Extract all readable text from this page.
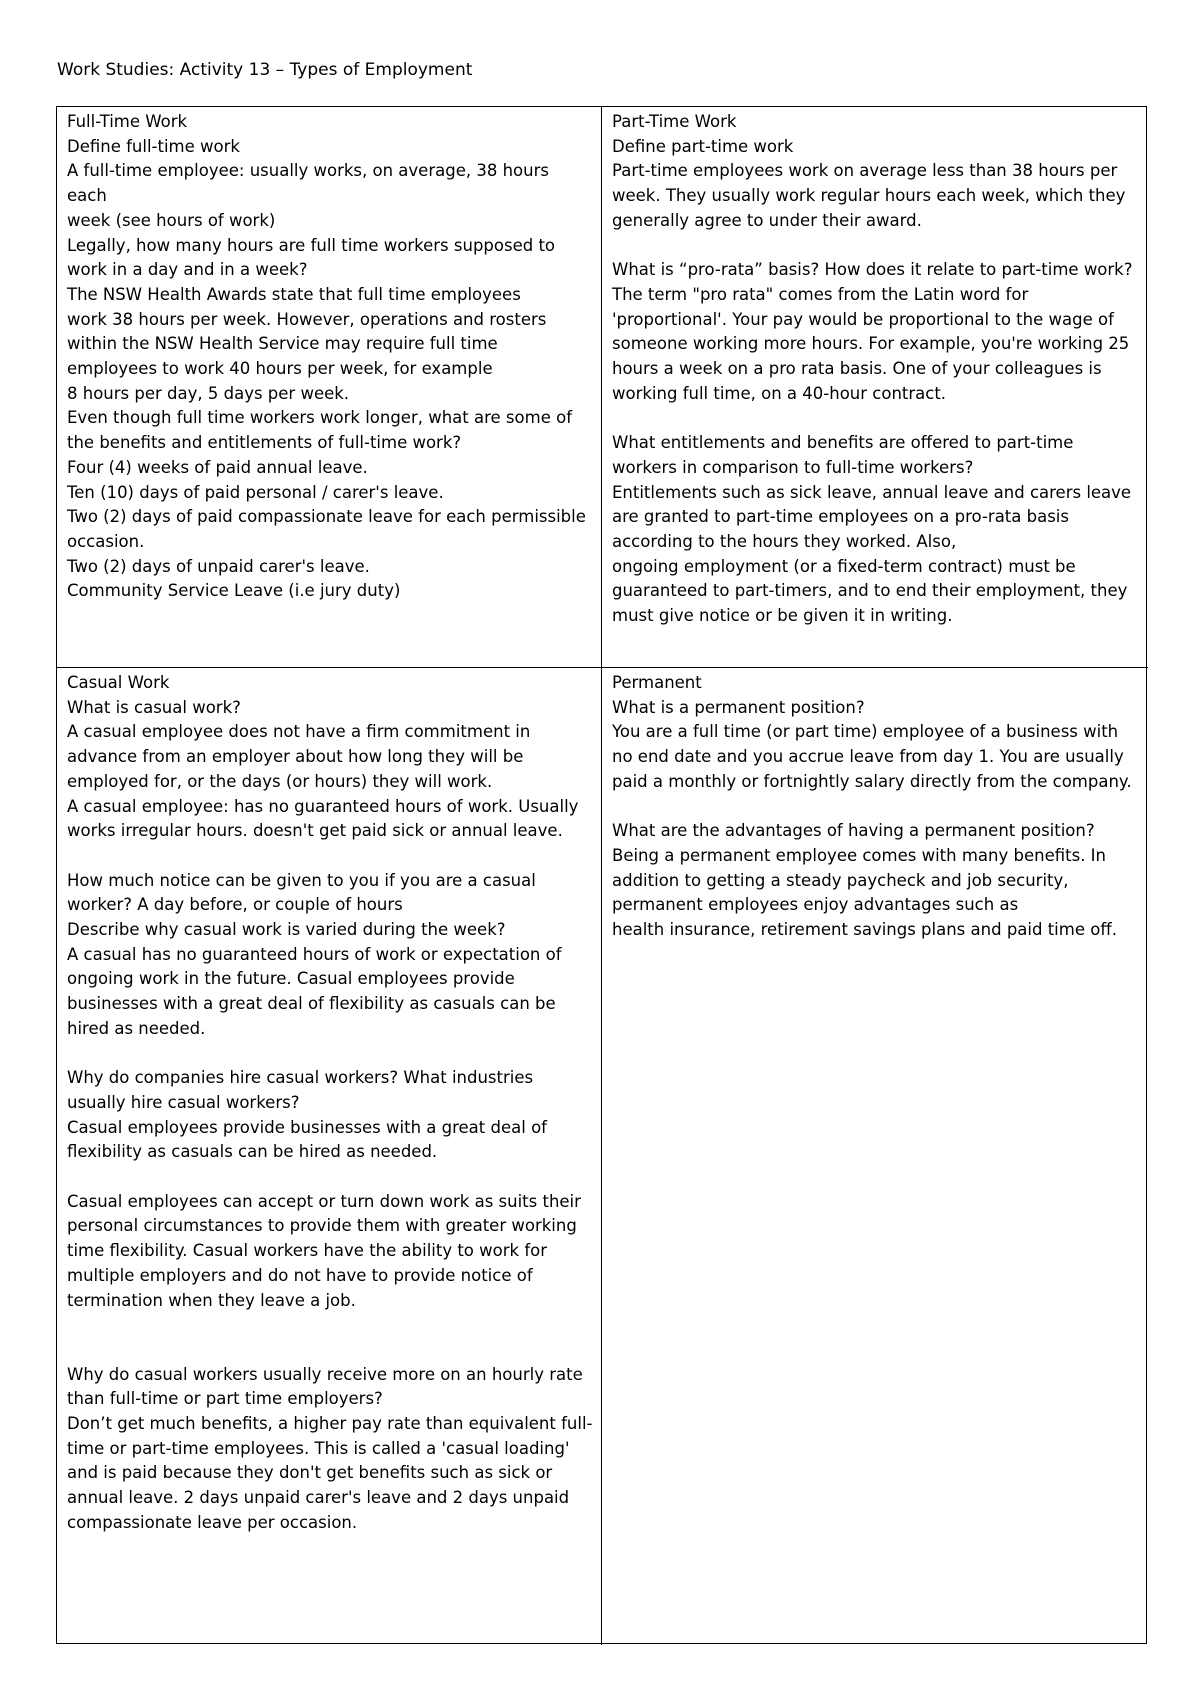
Work Studies: Activity 13 – Types of Employment
Full-Time Work
Define full-time work
A full-time employee: usually works, on average, 38 hours each
week (see hours of work)
Legally, how many hours are full time workers supposed to
work in a day and in a week?
The NSW Health Awards state that full time employees
work 38 hours per week. However, operations and rosters
within the NSW Health Service may require full time
employees to work 40 hours per week, for example
8 hours per day, 5 days per week.
Even though full time workers work longer, what are some of
the benefits and entitlements of full-time work?
Four (4) weeks of paid annual leave.
Ten (10) days of paid personal / carer's leave.
Two (2) days of paid compassionate leave for each permissible
occasion.
Two (2) days of unpaid carer's leave.
Community Service Leave (i.e jury duty)
Part-Time Work
Define part-time work
Part-time employees work on average less than 38 hours per
week. They usually work regular hours each week, which they
generally agree to under their award.
What is “pro-rata” basis? How does it relate to part-time work?
The term "pro rata" comes from the Latin word for
'proportional'. Your pay would be proportional to the wage of
someone working more hours. For example, you're working 25
hours a week on a pro rata basis. One of your colleagues is
working full time, on a 40-hour contract.
What entitlements and benefits are offered to part-time
workers in comparison to full-time workers?
Entitlements such as sick leave, annual leave and carers leave
are granted to part-time employees on a pro-rata basis
according to the hours they worked. Also,
ongoing employment (or a fixed-term contract) must be
guaranteed to part-timers, and to end their employment, they
must give notice or be given it in writing.
Casual Work
What is casual work?
A casual employee does not have a firm commitment in
advance from an employer about how long they will be
employed for, or the days (or hours) they will work.
A casual employee: has no guaranteed hours of work. Usually
works irregular hours. doesn't get paid sick or annual leave.
How much notice can be given to you if you are a casual
worker? A day before, or couple of hours
Describe why casual work is varied during the week?
A casual has no guaranteed hours of work or expectation of
ongoing work in the future. Casual employees provide
businesses with a great deal of flexibility as casuals can be
hired as needed.
Why do companies hire casual workers? What industries
usually hire casual workers?
Casual employees provide businesses with a great deal of
flexibility as casuals can be hired as needed.
Casual employees can accept or turn down work as suits their
personal circumstances to provide them with greater working
time flexibility. Casual workers have the ability to work for
multiple employers and do not have to provide notice of
termination when they leave a job.
Why do casual workers usually receive more on an hourly rate
than full-time or part time employers?
Don’t get much benefits, a higher pay rate than equivalent full-
time or part-time employees. This is called a 'casual loading'
and is paid because they don't get benefits such as sick or
annual leave. 2 days unpaid carer's leave and 2 days unpaid
compassionate leave per occasion.
Permanent
What is a permanent position?
You are a full time (or part time) employee of a business with
no end date and you accrue leave from day 1. You are usually
paid a monthly or fortnightly salary directly from the company.
What are the advantages of having a permanent position?
Being a permanent employee comes with many benefits. In
addition to getting a steady paycheck and job security,
permanent employees enjoy advantages such as
health insurance, retirement savings plans and paid time off.
